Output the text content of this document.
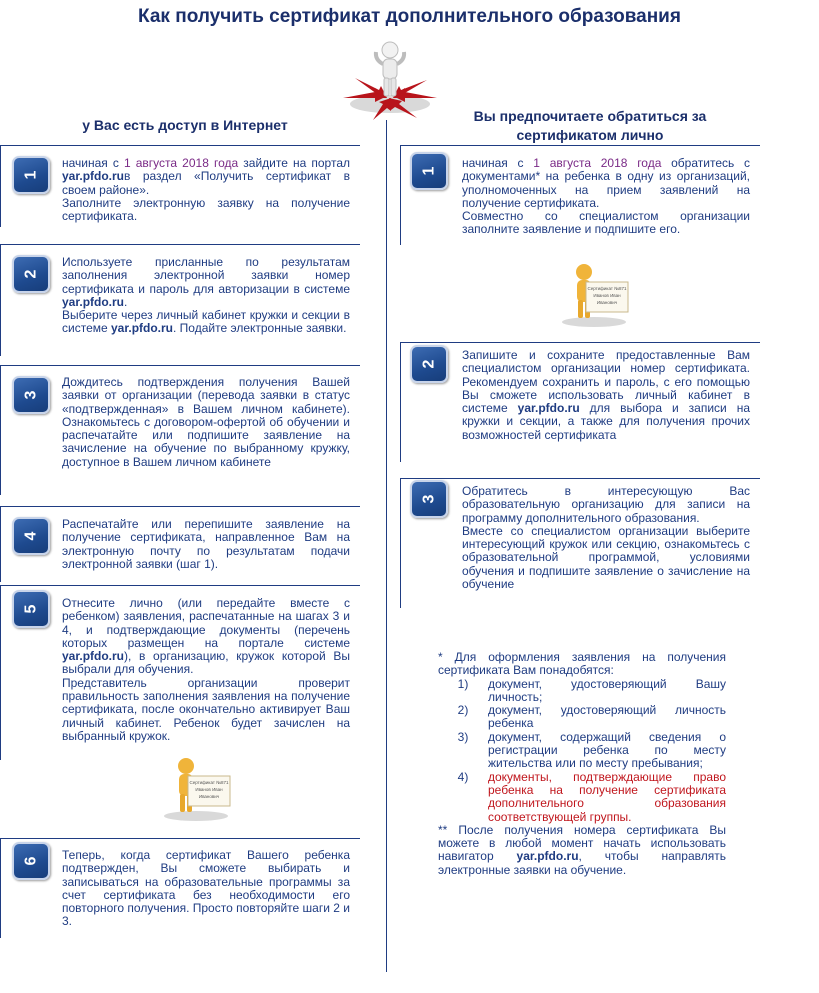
Как получить сертификат дополнительного образования
у Вас есть доступ в Интернет
Вы предпочитаете обратиться за
сертификатом лично
1
начиная с 1 августа 2018 года зайдите на портал yar.pfdo.ruв раздел «Получить сертификат в своем районе».
Заполните электронную заявку на получение сертификата.
2
Используете присланные по результатам заполнения электронной заявки номер сертификата и пароль для авторизации в системе yar.pfdo.ru.
Выберите через личный кабинет кружки и секции в системе yar.pfdo.ru. Подайте электронные заявки.
3
Дождитесь подтверждения получения Вашей заявки от организации (перевода заявки в статус «подтвержденная» в Вашем личном кабинете). Ознакомьтесь с договором-офертой об обучении и распечатайте или подпишите заявление на зачисление на обучение по выбранному кружку, доступное в Вашем личном кабинете
4
Распечатайте или перепишите заявление на получение сертификата, направленное Вам на электронную почту по результатам подачи электронной заявки (шаг 1).
5 Отнесите лично (или передайте вместе с ребенком) заявления, распечатанные на шагах 3 и 4, и подтверждающие документы (перечень которых размещен на портале системе yar.pfdo.ru), в организацию, кружок которой Вы выбрали для обучения.
Представитель организации проверит правильность заполнения заявления на получение сертификата, после окончательно активирует Ваш личный кабинет. Ребенок будет зачислен на выбранный кружок.
Сертификат №871
Иванов Иван Иванович
6 Теперь, когда сертификат Вашего ребенка подтвержден, Вы сможете выбирать и записываться на образовательные программы за счет сертификата без необходимости его повторного получения. Просто повторяйте шаги 2 и 3.
1
начиная с 1 августа 2018 года обратитесь с документами* на ребенка в одну из организаций, уполномоченных на прием заявлений на получение сертификата.
Совместно со специалистом организации заполните заявление и подпишите его.
Сертификат №871
Иванов Иван Иванович
2
Запишите и сохраните предоставленные Вам специалистом организации номер сертификата. Рекомендуем сохранить и пароль, с его помощью Вы сможете использовать личный кабинет в системе yar.pfdo.ru для выбора и записи на кружки и секции, а также для получения прочих возможностей сертификата
3
Обратитесь в интересующую Вас образовательную организацию для записи на программу дополнительного образования.
Вместе со специалистом организации выберите интересующий кружок или секцию, ознакомьтесь с образовательной программой, условиями обучения и подпишите заявление о зачисление на обучение
* Для оформления заявления на получения сертификата Вам понадобятся:
1)	документ, удостоверяющий Вашу личность;
2)	документ, удостоверяющий личность ребенка
3)	документ, содержащий сведения о регистрации ребенка по месту жительства или по месту пребывания;
4)	документы, подтверждающие право ребенка на получение сертификата дополнительного образования соответствующей группы.
** После получения номера сертификата Вы можете в любой момент начать использовать навигатор yar.pfdo.ru, чтобы направлять электронные заявки на обучение.
